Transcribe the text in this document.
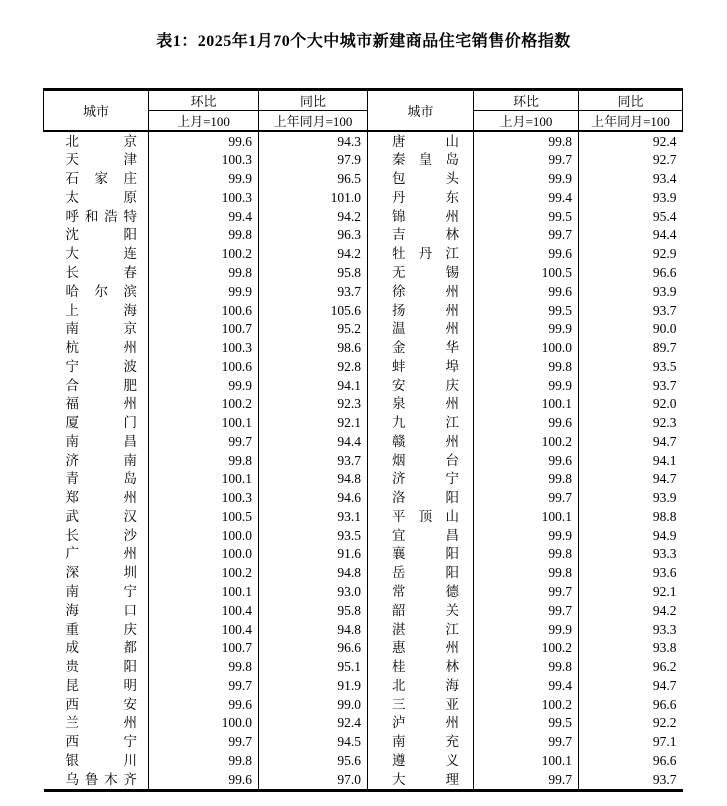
表1：2025年1月70个大中城市新建商品住宅销售价格指数
城市	环比	同比	城市	环比	同比
	上月=100	上年同月=100		上月=100	上年同月=100
北京	99.6	94.3	唐山	99.8	92.4
天津	100.3	97.9	秦皇岛	99.7	92.7
石家庄	99.9	96.5	包头	99.9	93.4
太原	100.3	101.0	丹东	99.4	93.9
呼和浩特	99.4	94.2	锦州	99.5	95.4
沈阳	99.8	96.3	吉林	99.7	94.4
大连	100.2	94.2	牡丹江	99.6	92.9
长春	99.8	95.8	无锡	100.5	96.6
哈尔滨	99.9	93.7	徐州	99.6	93.9
上海	100.6	105.6	扬州	99.5	93.7
南京	100.7	95.2	温州	99.9	90.0
杭州	100.3	98.6	金华	100.0	89.7
宁波	100.6	92.8	蚌埠	99.8	93.5
合肥	99.9	94.1	安庆	99.9	93.7
福州	100.2	92.3	泉州	100.1	92.0
厦门	100.1	92.1	九江	99.6	92.3
南昌	99.7	94.4	赣州	100.2	94.7
济南	99.8	93.7	烟台	99.6	94.1
青岛	100.1	94.8	济宁	99.8	94.7
郑州	100.3	94.6	洛阳	99.7	93.9
武汉	100.5	93.1	平顶山	100.1	98.8
长沙	100.0	93.5	宜昌	99.9	94.9
广州	100.0	91.6	襄阳	99.8	93.3
深圳	100.2	94.8	岳阳	99.8	93.6
南宁	100.1	93.0	常德	99.7	92.1
海口	100.4	95.8	韶关	99.7	94.2
重庆	100.4	94.8	湛江	99.9	93.3
成都	100.7	96.6	惠州	100.2	93.8
贵阳	99.8	95.1	桂林	99.8	96.2
昆明	99.7	91.9	北海	99.4	94.7
西安	99.6	99.0	三亚	100.2	96.6
兰州	100.0	92.4	泸州	99.5	92.2
西宁	99.7	94.5	南充	99.7	97.1
银川	99.8	95.6	遵义	100.1	96.6
乌鲁木齐	99.6	97.0	大理	99.7	93.7
